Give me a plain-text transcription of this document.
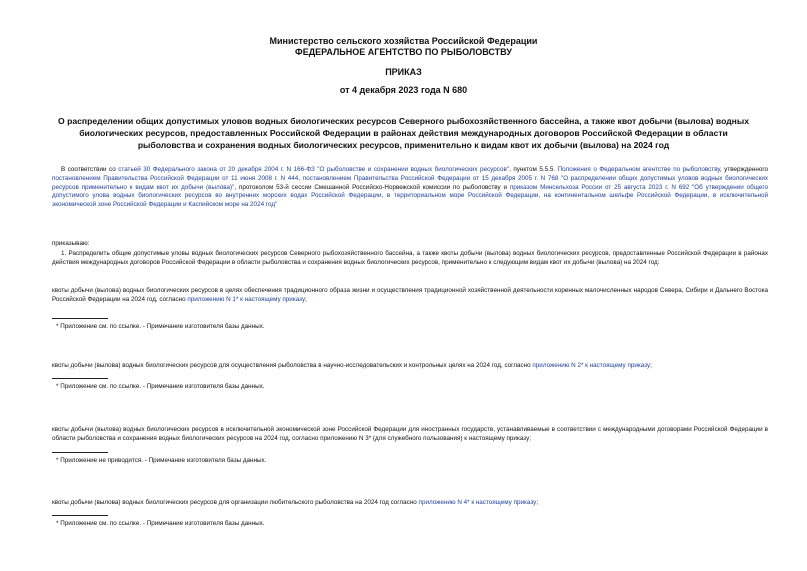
Министерство сельского хозяйства Российской Федерации
ФЕДЕРАЛЬНОЕ АГЕНТСТВО ПО РЫБОЛОВСТВУ
ПРИКАЗ
от 4 декабря 2023 года N 680
О распределении общих допустимых уловов водных биологических ресурсов Северного рыбохозяйственного бассейна, а также квот добычи (вылова) водных
биологических ресурсов, предоставленных Российской Федерации в районах действия международных договоров Российской Федерации в области
рыболовства и сохранения водных биологических ресурсов, применительно к видам квот их добычи (вылова) на 2024 год
В соответствии со статьей 30 Федерального закона от 20 декабря 2004 г. N 166-ФЗ "О рыболовстве и сохранении водных биологических ресурсов", пунктом 5.5.5. Положения о Федеральном агентстве по рыболовству, утвержденного постановлением Правительства Российской Федерации от 11 июня 2008 г. N 444, постановлением Правительства Российской Федерации от 15 декабря 2005 г. N 768 "О распределении общих допустимых уловов водных биологических ресурсов применительно к видам квот их добычи (вылова)", протоколом 53-й сессии Смешанной Российско-Норвежской комиссии по рыболовству и приказом Минсельхоза России от 25 августа 2023 г. N 692 "Об утверждении общего допустимого улова водных биологических ресурсов во внутренних морских водах Российской Федерации, в территориальном море Российской Федерации, на континентальном шельфе Российской Федерации, в исключительной экономической зоне Российской Федерации и Каспийском море на 2024 год"
приказываю:
1. Распределить общие допустимые уловы водных биологических ресурсов Северного рыбохозяйственного бассейна, а также квоты добычи (вылова) водных биологических ресурсов, предоставленные Российской Федерации в районах действия международных договоров Российской Федерации в области рыболовства и сохранения водных биологических ресурсов, применительно к следующим видам квот их добычи (вылова) на 2024 год:
квоты добычи (вылова) водных биологических ресурсов в целях обеспечения традиционного образа жизни и осуществления традиционной хозяйственной деятельности коренных малочисленных народов Севера, Сибири и Дальнего Востока Российской Федерации на 2024 год, согласно приложению N 1* к настоящему приказу;
* Приложение см. по ссылке. - Примечание изготовителя базы данных.
квоты добычи (вылова) водных биологических ресурсов для осуществления рыболовства в научно-исследовательских и контрольных целях на 2024 год, согласно приложению N 2* к настоящему приказу;
* Приложение см. по ссылке. - Примечание изготовителя базы данных.
квоты добычи (вылова) водных биологических ресурсов в исключительной экономической зоне Российской Федерации для иностранных государств, устанавливаемые в соответствии с международными договорами Российской Федерации в области рыболовства и сохранения водных биологических ресурсов на 2024 год, согласно приложению N 3* (для служебного пользования) к настоящему приказу;
* Приложение не приводится. - Примечание изготовителя базы данных.
квоты добычи (вылова) водных биологических ресурсов для организации любительского рыболовства на 2024 год согласно приложению N 4* к настоящему приказу;
* Приложение см. по ссылке. - Примечание изготовителя базы данных.
